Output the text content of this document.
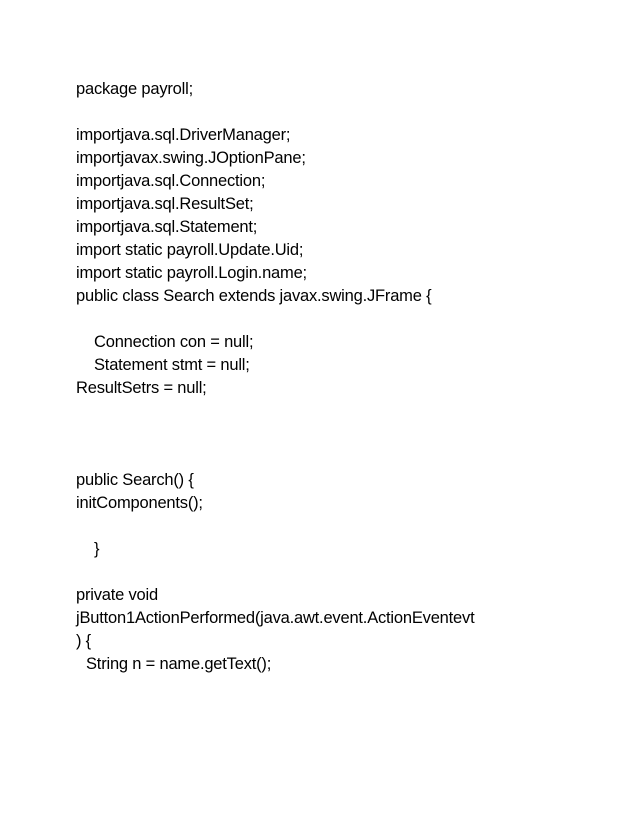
package payroll;
importjava.sql.DriverManager;
importjavax.swing.JOptionPane;
importjava.sql.Connection;
importjava.sql.ResultSet;
importjava.sql.Statement;
import static payroll.Update.Uid;
import static payroll.Login.name;
public class Search extends javax.swing.JFrame {
Connection con = null;
Statement stmt = null;
ResultSetrs = null;
public Search() {
initComponents();
}
private void
jButton1ActionPerformed(java.awt.event.ActionEventevt
) {
String n = name.getText();
